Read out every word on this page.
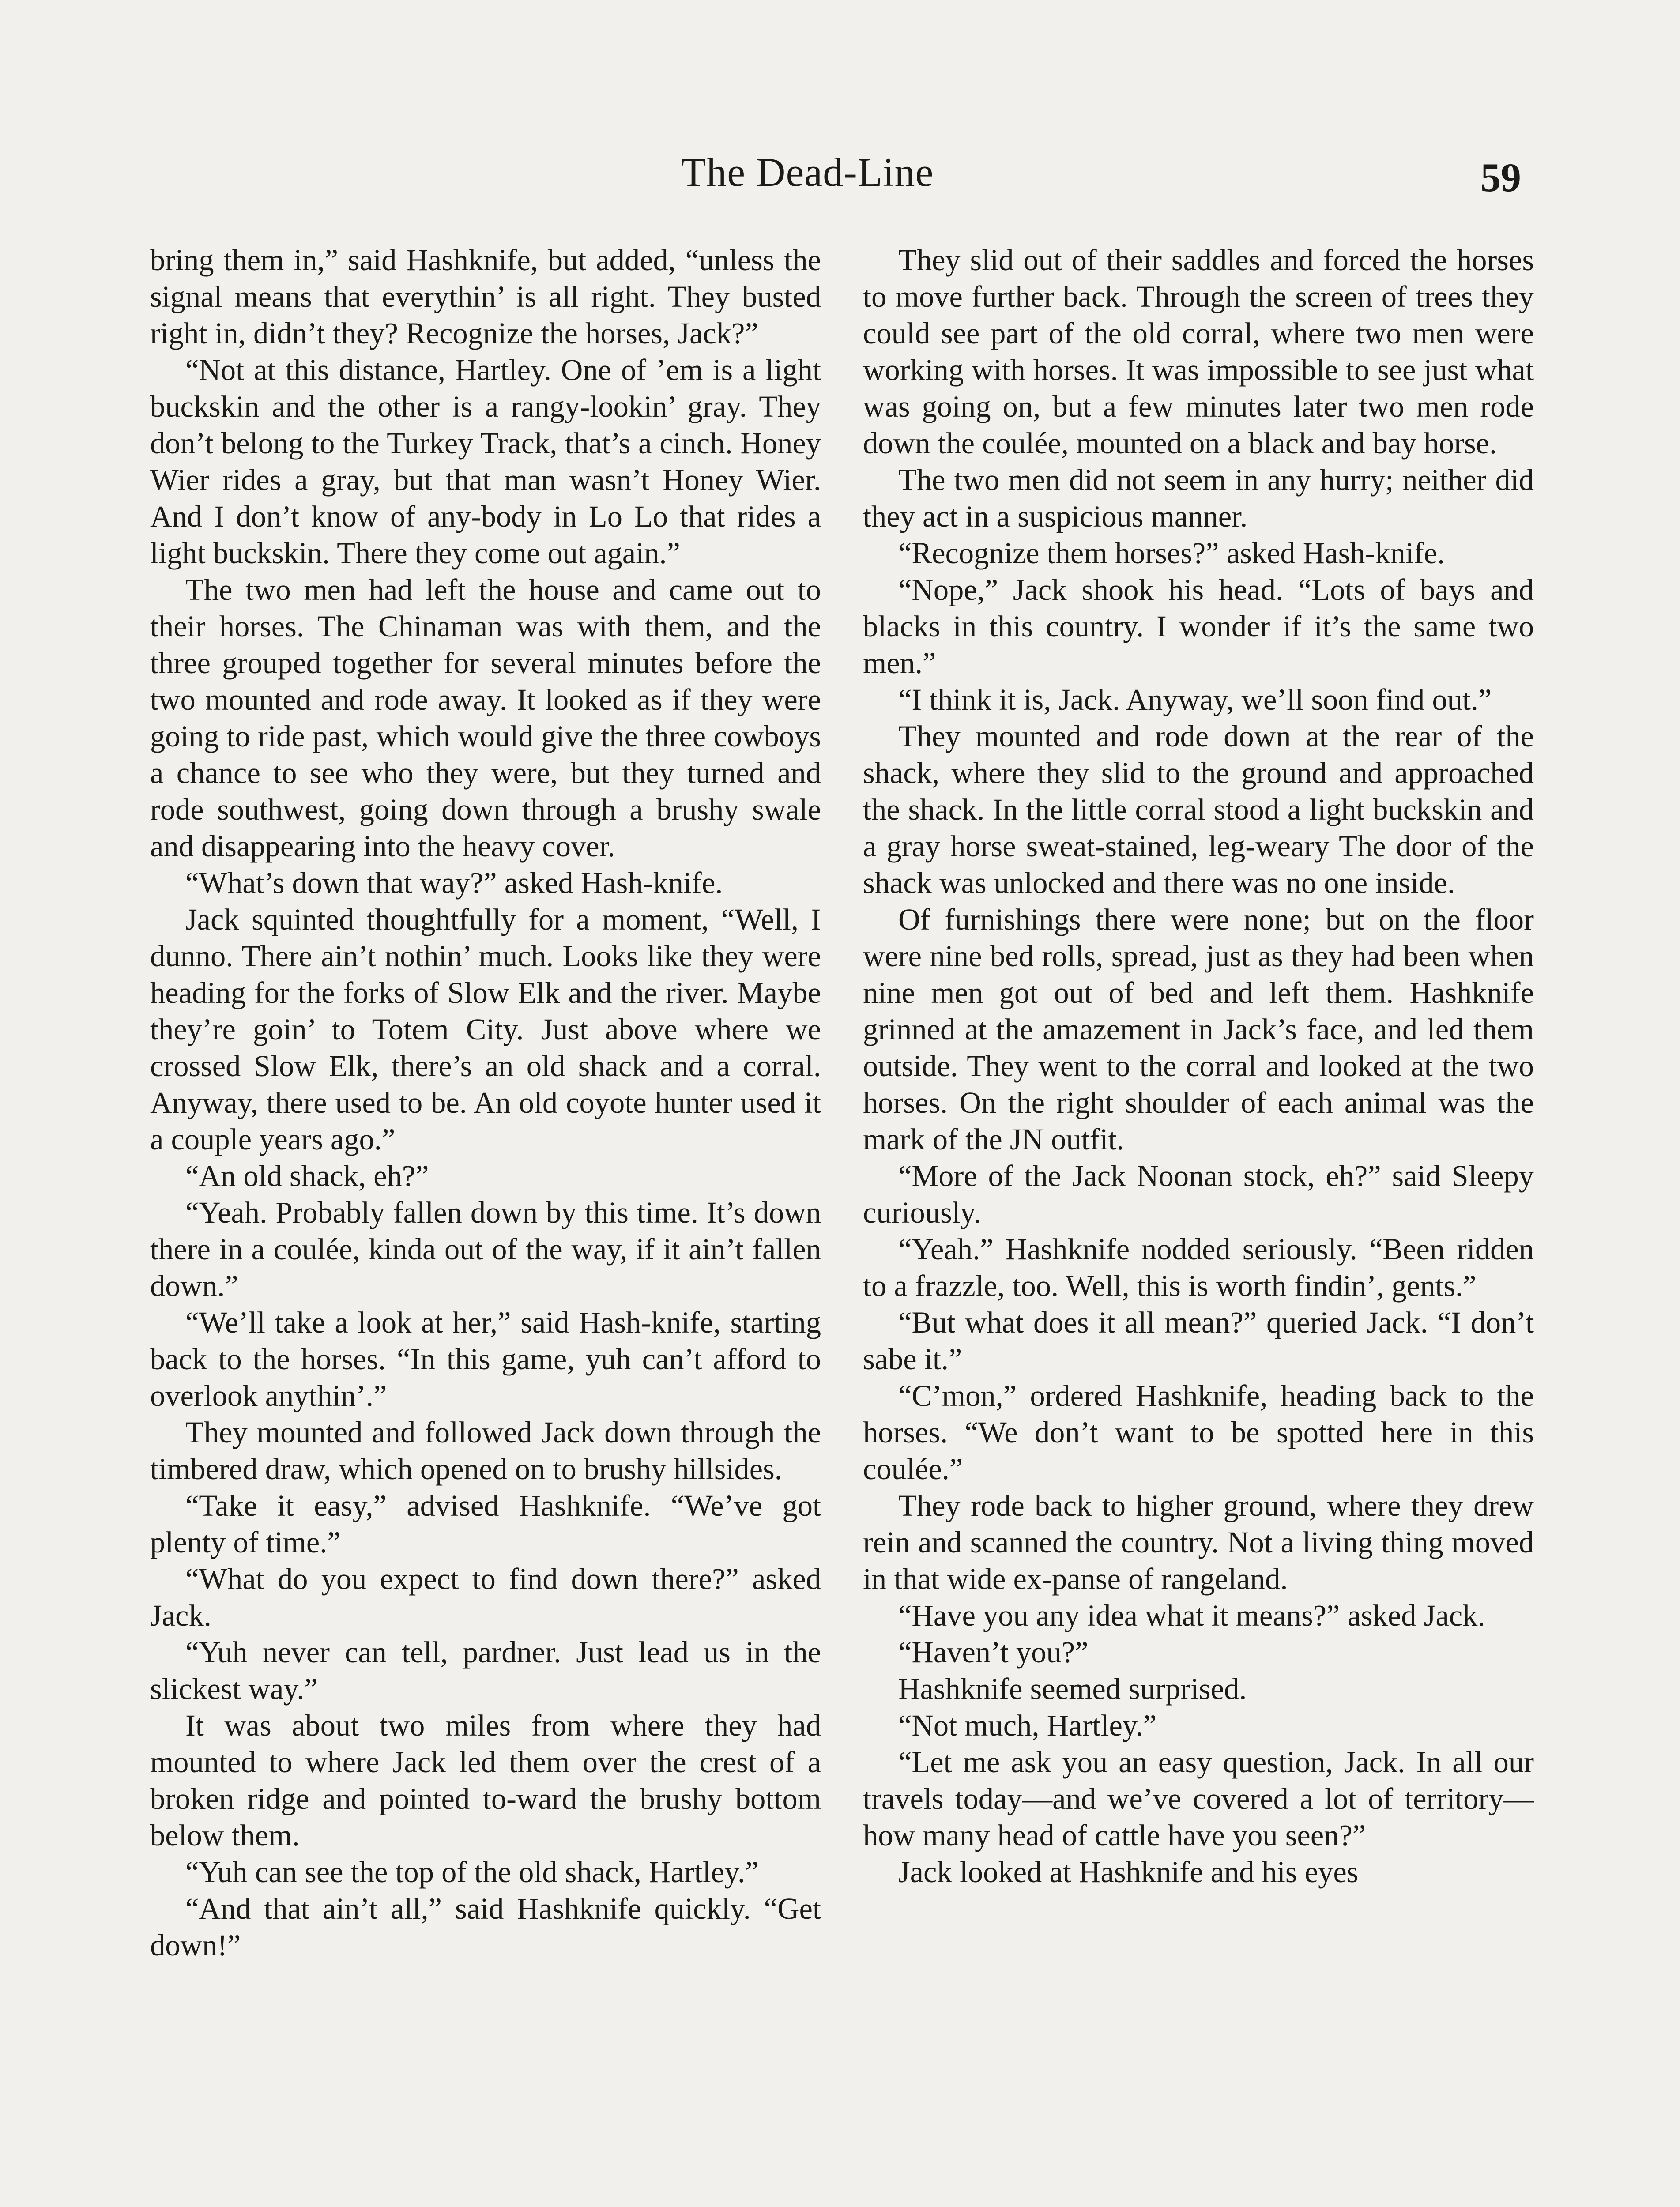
The Dead-Line	59

bring them in,” said Hashknife, but added, “unless the signal means that everythin’ is all right. They busted right in, didn’t they? Recognize the horses, Jack?”

“Not at this distance, Hartley. One of ’em is a light buckskin and the other is a rangy-lookin’ gray. They don’t belong to the Turkey Track, that’s a cinch. Honey Wier rides a gray, but that man wasn’t Honey Wier. And I don’t know of any-body in Lo Lo that rides a light buckskin. There they come out again.”

The two men had left the house and came out to their horses. The Chinaman was with them, and the three grouped together for several minutes before the two mounted and rode away. It looked as if they were going to ride past, which would give the three cowboys a chance to see who they were, but they turned and rode southwest, going down through a brushy swale and disappearing into the heavy cover.

“What’s down that way?” asked Hash-knife.

Jack squinted thoughtfully for a moment, “Well, I dunno. There ain’t nothin’ much. Looks like they were heading for the forks of Slow Elk and the river. Maybe they’re goin’ to Totem City. Just above where we crossed Slow Elk, there’s an old shack and a corral. Anyway, there used to be. An old coyote hunter used it a couple years ago.”

“An old shack, eh?”

“Yeah. Probably fallen down by this time. It’s down there in a coulée, kinda out of the way, if it ain’t fallen down.”

“We’ll take a look at her,” said Hash-knife, starting back to the horses. “In this game, yuh can’t afford to overlook anythin’.”

They mounted and followed Jack down through the timbered draw, which opened on to brushy hillsides.

“Take it easy,” advised Hashknife. “We’ve got plenty of time.”

“What do you expect to find down there?” asked Jack.

“Yuh never can tell, pardner. Just lead us in the slickest way.”

It was about two miles from where they had mounted to where Jack led them over the crest of a broken ridge and pointed to-ward the brushy bottom below them.

“Yuh can see the top of the old shack, Hartley.”

“And that ain’t all,” said Hashknife quickly. “Get down!”

They slid out of their saddles and forced the horses to move further back. Through the screen of trees they could see part of the old corral, where two men were working with horses. It was impossible to see just what was going on, but a few minutes later two men rode down the coulée, mounted on a black and bay horse.

The two men did not seem in any hurry; neither did they act in a suspicious manner.

“Recognize them horses?” asked Hash-knife.

“Nope,” Jack shook his head. “Lots of bays and blacks in this country. I wonder if it’s the same two men.”

“I think it is, Jack. Anyway, we’ll soon find out.”

They mounted and rode down at the rear of the shack, where they slid to the ground and approached the shack. In the little corral stood a light buckskin and a gray horse sweat-stained, leg-weary The door of the shack was unlocked and there was no one inside.

Of furnishings there were none; but on the floor were nine bed rolls, spread, just as they had been when nine men got out of bed and left them. Hashknife grinned at the amazement in Jack’s face, and led them outside. They went to the corral and looked at the two horses. On the right shoulder of each animal was the mark of the JN outfit.

“More of the Jack Noonan stock, eh?” said Sleepy curiously.

“Yeah.” Hashknife nodded seriously. “Been ridden to a frazzle, too. Well, this is worth findin’, gents.”

“But what does it all mean?” queried Jack. “I don’t sabe it.”

“C’mon,” ordered Hashknife, heading back to the horses. “We don’t want to be spotted here in this coulée.”

They rode back to higher ground, where they drew rein and scanned the country. Not a living thing moved in that wide ex-panse of rangeland.

“Have you any idea what it means?” asked Jack.

“Haven’t you?”

Hashknife seemed surprised.

“Not much, Hartley.”

“Let me ask you an easy question, Jack. In all our travels today—and we’ve covered a lot of territory—how many head of cattle have you seen?”

Jack looked at Hashknife and his eyes
